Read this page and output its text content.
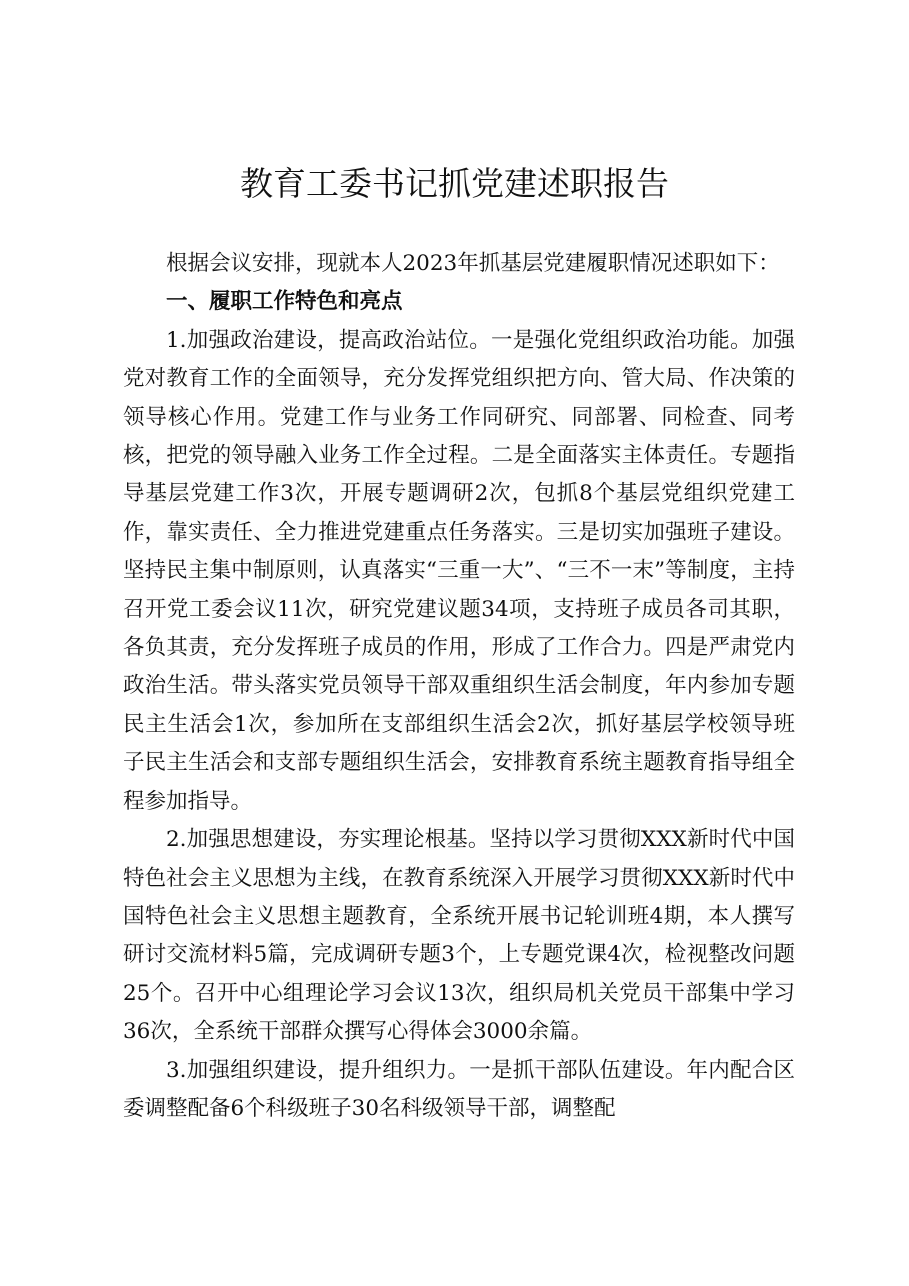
教育工委书记抓党建述职报告

根据会议安排，现就本人2023年抓基层党建履职情况述职如下：

一、履职工作特色和亮点

1.加强政治建设，提高政治站位。一是强化党组织政治功能。加强党对教育工作的全面领导，充分发挥党组织把方向、管大局、作决策的领导核心作用。党建工作与业务工作同研究、同部署、同检查、同考核，把党的领导融入业务工作全过程。二是全面落实主体责任。专题指导基层党建工作3次，开展专题调研2次，包抓8个基层党组织党建工作，靠实责任、全力推进党建重点任务落实。三是切实加强班子建设。坚持民主集中制原则，认真落实“三重一大”、“三不一末”等制度，主持召开党工委会议11次，研究党建议题34项，支持班子成员各司其职，各负其责，充分发挥班子成员的作用，形成了工作合力。四是严肃党内政治生活。带头落实党员领导干部双重组织生活会制度，年内参加专题民主生活会1次，参加所在支部组织生活会2次，抓好基层学校领导班子民主生活会和支部专题组织生活会，安排教育系统主题教育指导组全程参加指导。

2.加强思想建设，夯实理论根基。坚持以学习贯彻XXX新时代中国特色社会主义思想为主线，在教育系统深入开展学习贯彻XXX新时代中国特色社会主义思想主题教育，全系统开展书记轮训班4期，本人撰写研讨交流材料5篇，完成调研专题3个，上专题党课4次，检视整改问题25个。召开中心组理论学习会议13次，组织局机关党员干部集中学习36次，全系统干部群众撰写心得体会3000余篇。

3.加强组织建设，提升组织力。一是抓干部队伍建设。年内配合区委调整配备6个科级班子30名科级领导干部，调整配
